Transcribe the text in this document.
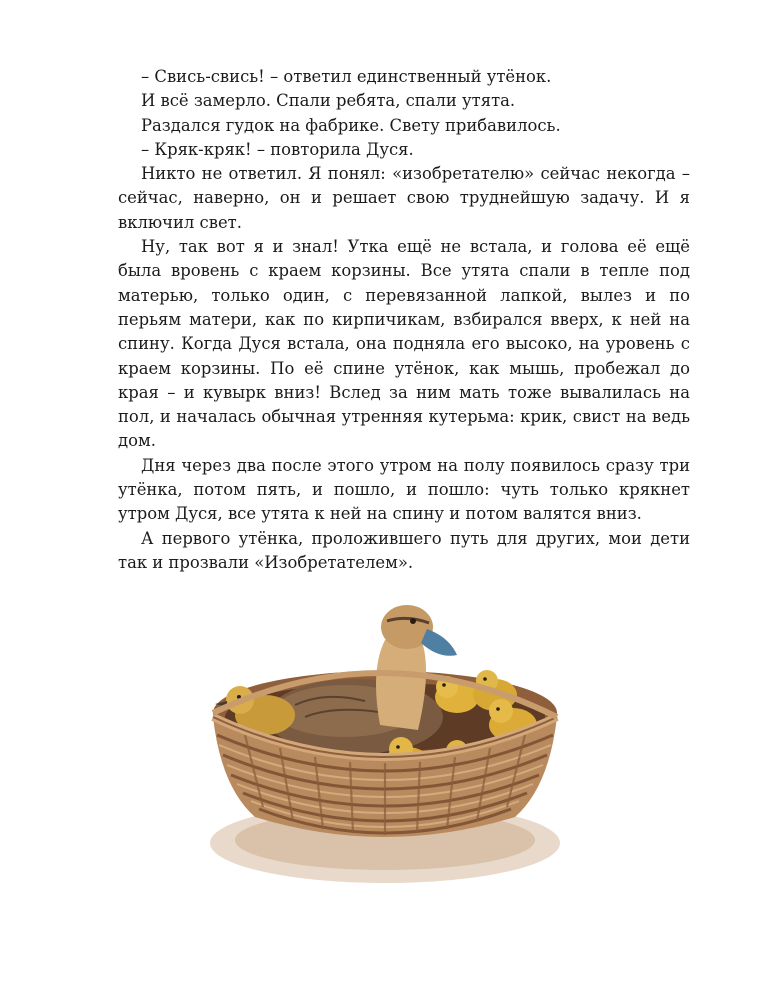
– Свись-свись! – ответил единственный утёнок.

И всё замерло. Спали ребята, спали утята.

Раздался гудок на фабрике. Свету прибавилось.

– Кряк-кряк! – повторила Дуся.

Никто не ответил. Я понял: «изобретателю» сейчас некогда – сейчас, наверно, он и решает свою труднейшую задачу. И я включил свет.

Ну, так вот я и знал! Утка ещё не встала, и голова её ещё была вровень с краем корзины. Все утята спали в тепле под матерью, только один, с перевязанной лапкой, вылез и по перьям матери, как по кирпичикам, взбирался вверх, к ней на спину. Когда Дуся встала, она подняла его высоко, на уровень с краем корзины. По её спине утёнок, как мышь, пробежал до края – и кувырк вниз! Вслед за ним мать тоже вывалилась на пол, и началась обычная утренняя кутерьма: крик, свист на ведь дом.

Дня через два после этого утром на полу появилось сразу три утёнка, потом пять, и пошло, и пошло: чуть только крякнет утром Дуся, все утята к ней на спину и потом валятся вниз.

А первого утёнка, проложившего путь для других, мои дети так и прозвали «Изобретателем».
